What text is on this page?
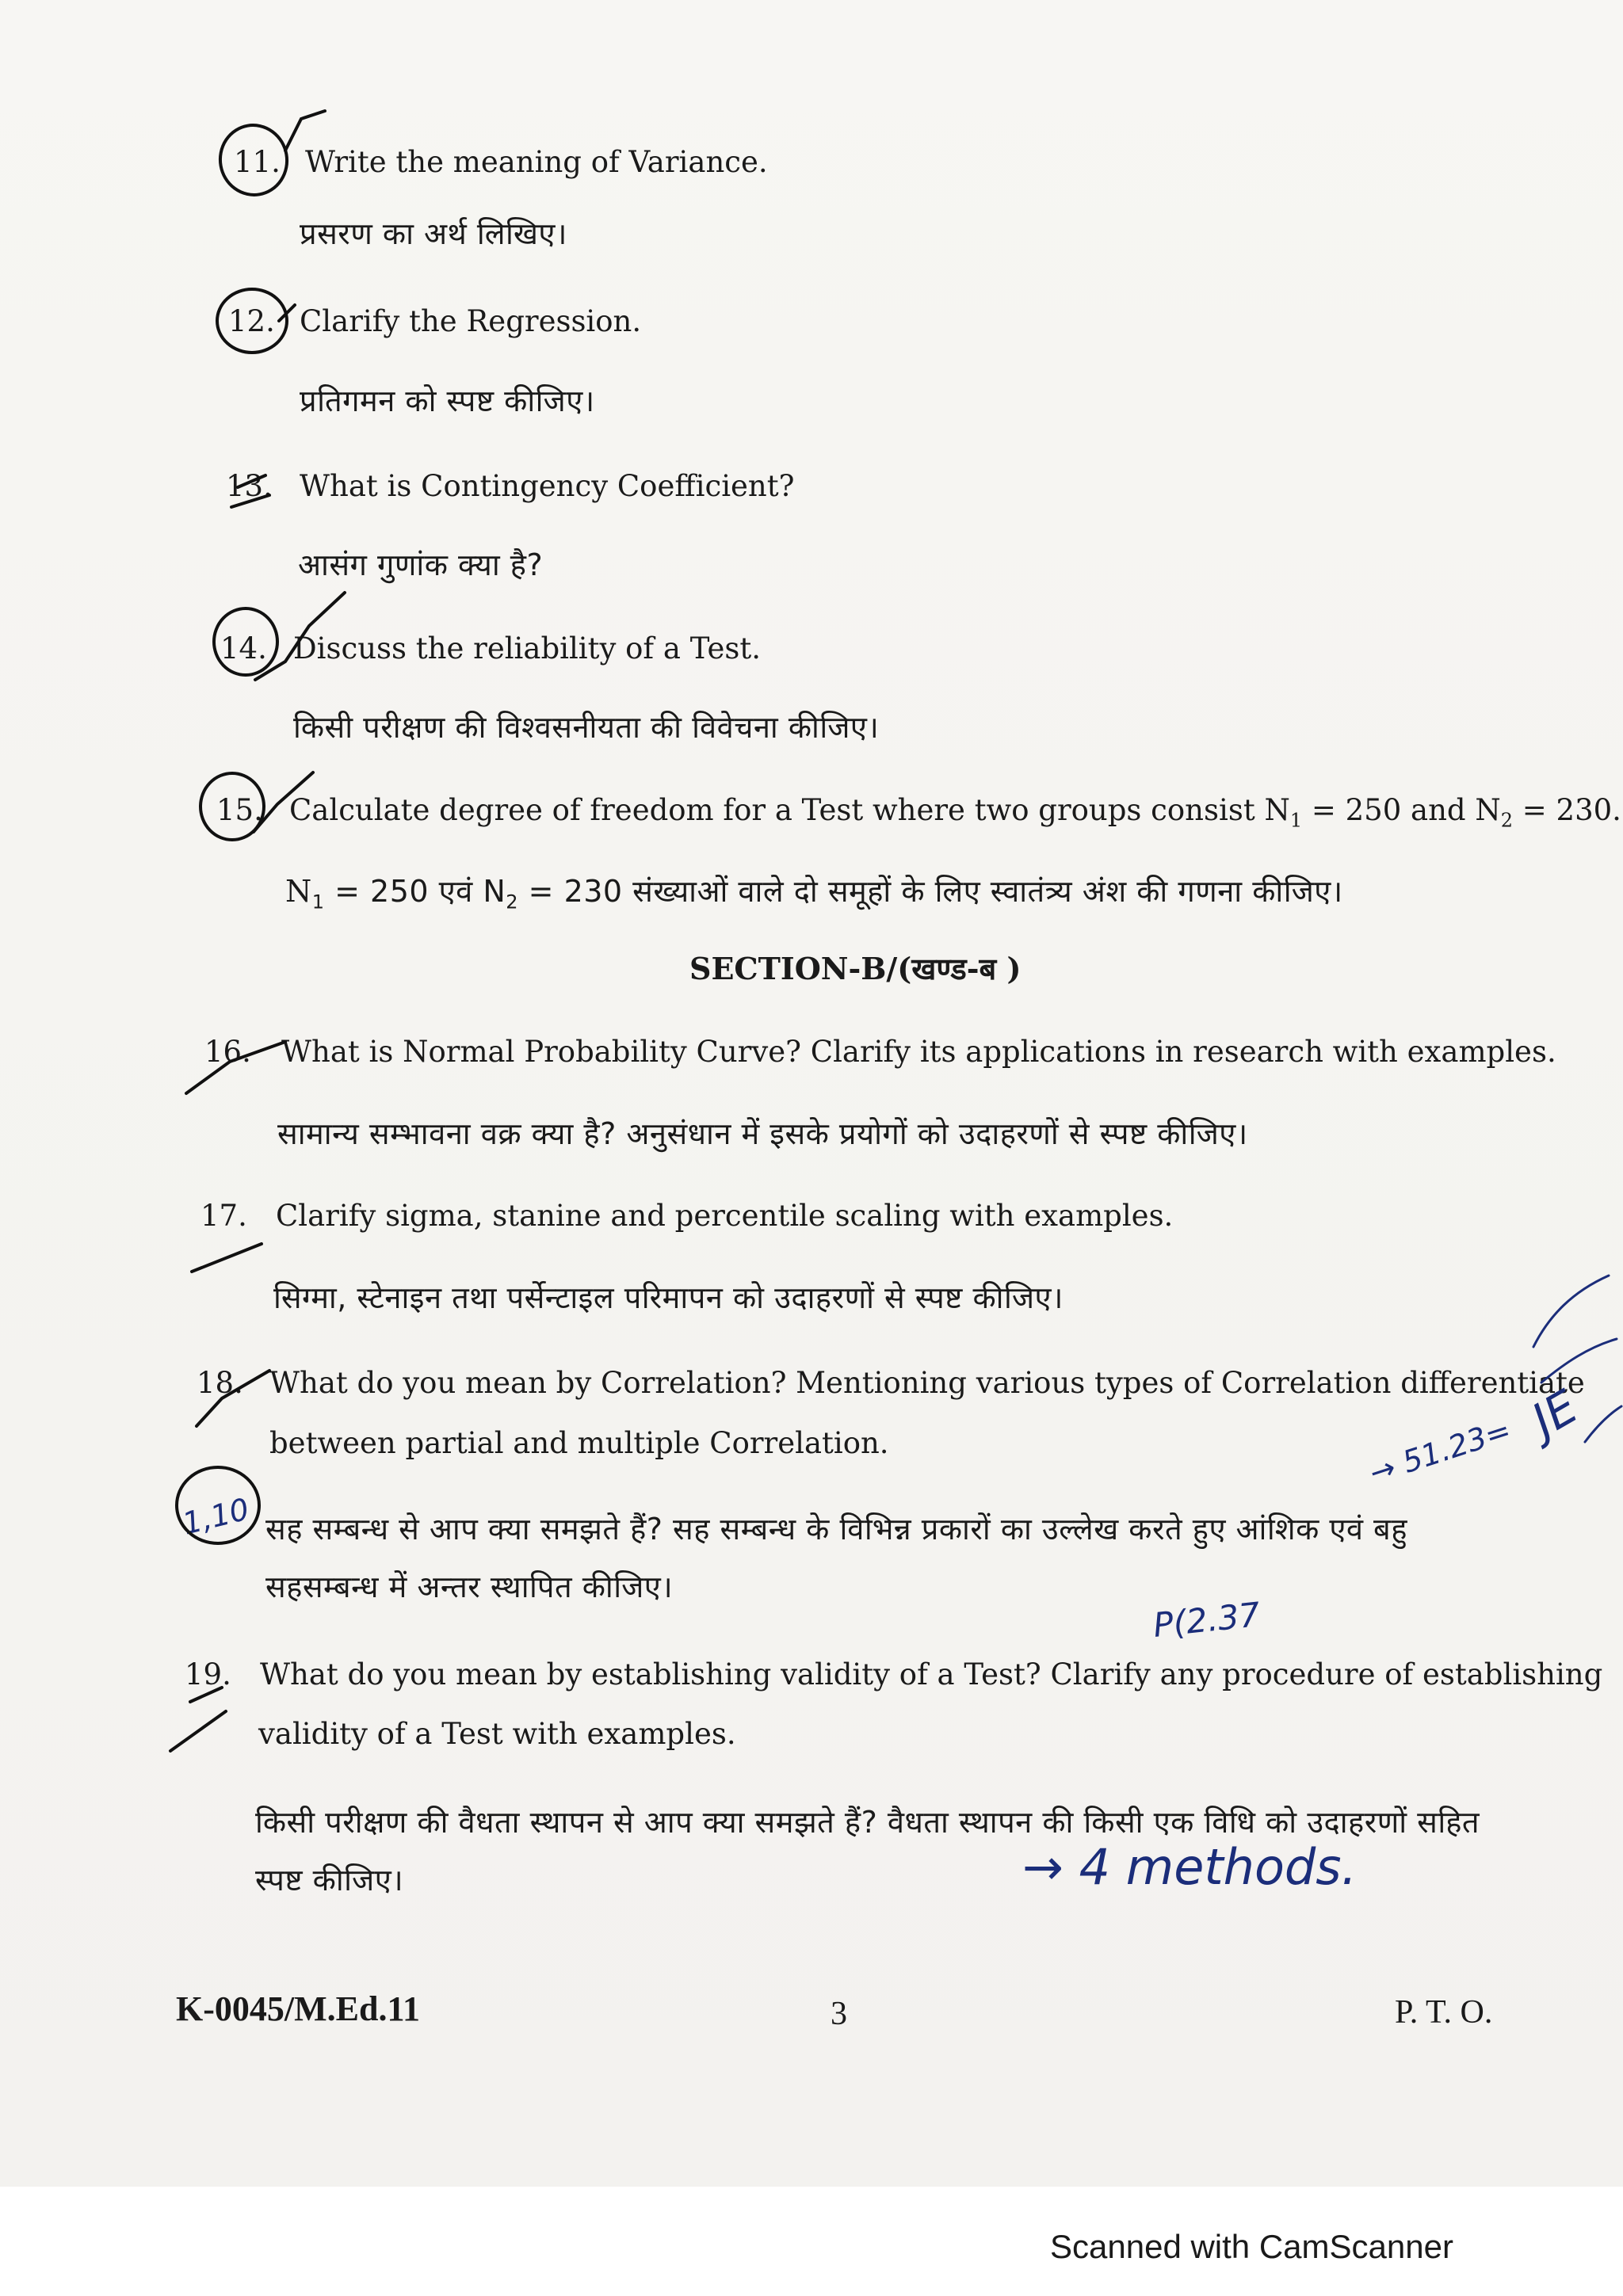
11. Write the meaning of Variance.
प्रसरण का अर्थ लिखिए।
12. Clarify the Regression.
प्रतिगमन को स्पष्ट कीजिए।
13. What is Contingency Coefficient?
आसंग गुणांक क्या है?
14. Discuss the reliability of a Test.
किसी परीक्षण की विश्वसनीयता की विवेचना कीजिए।
15. Calculate degree of freedom for a Test where two groups consist $N_1 = 250$ and $N_2 = 230$.
$N_1 = 250$ एवं $N_2 = 230$ संख्याओं वाले दो समूहों के लिए स्वातंत्र्य अंश की गणना कीजिए।
SECTION-B/(खण्ड-ब )
16. What is Normal Probability Curve? Clarify its applications in research with examples.
सामान्य सम्भावना वक्र क्या है? अनुसंधान में इसके प्रयोगों को उदाहरणों से स्पष्ट कीजिए।
17. Clarify sigma, stanine and percentile scaling with examples.
सिग्मा, स्टेनाइन तथा पर्सेन्टाइल परिमापन को उदाहरणों से स्पष्ट कीजिए।
18. What do you mean by Correlation? Mentioning various types of Correlation differentiate
between partial and multiple Correlation.
सह सम्बन्ध से आप क्या समझते हैं? सह सम्बन्ध के विभिन्न प्रकारों का उल्लेख करते हुए आंशिक एवं बहु
सहसम्बन्ध में अन्तर स्थापित कीजिए।
19. What do you mean by establishing validity of a Test? Clarify any procedure of establishing
validity of a Test with examples.
किसी परीक्षण की वैधता स्थापन से आप क्या समझते हैं? वैधता स्थापन की किसी एक विधि को उदाहरणों सहित
स्पष्ट कीजिए।	→ 4 methods.
P(2.37
→ 51.23= JE
1,10
K-0045/M.Ed.11	3	P. T. O.
Scanned with CamScanner
